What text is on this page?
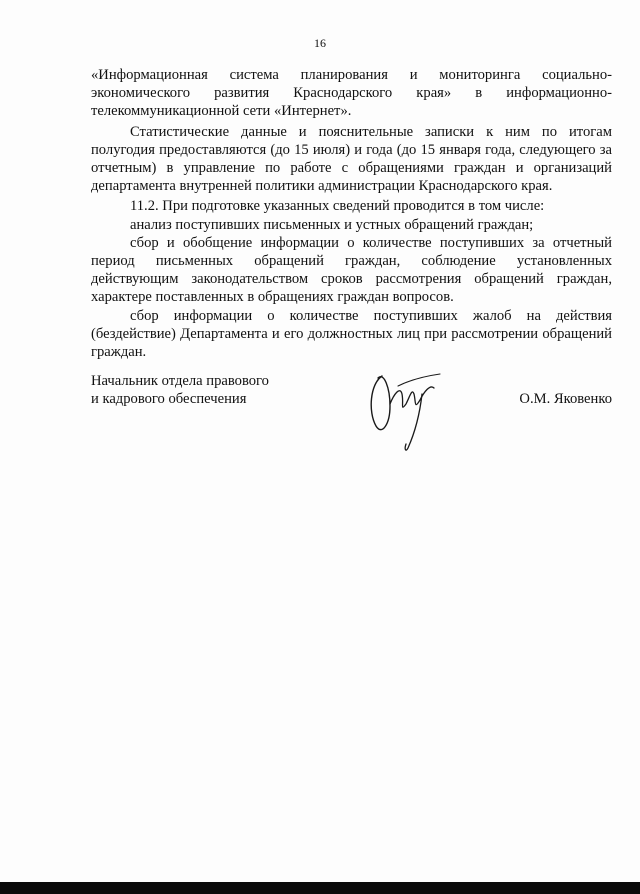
16

«Информационная система планирования и мониторинга социально-экономического развития Краснодарского края» в информационно-телекоммуникационной сети «Интернет».

Статистические данные и пояснительные записки к ним по итогам полугодия предоставляются (до 15 июля) и года (до 15 января года, следующего за отчетным) в управление по работе с обращениями граждан и организаций департамента внутренней политики администрации Краснодарского края.

11.2. При подготовке указанных сведений проводится в том числе:

анализ поступивших письменных и устных обращений граждан;

сбор и обобщение информации о количестве поступивших за отчетный период письменных обращений граждан, соблюдение установленных действующим законодательством сроков рассмотрения обращений граждан, характере поставленных в обращениях граждан вопросов.

сбор информации о количестве поступивших жалоб на действия (бездействие) Департамента и его должностных лиц при рассмотрении обращений граждан.

Начальник отдела правового
и кадрового обеспечения	О.М. Яковенко
